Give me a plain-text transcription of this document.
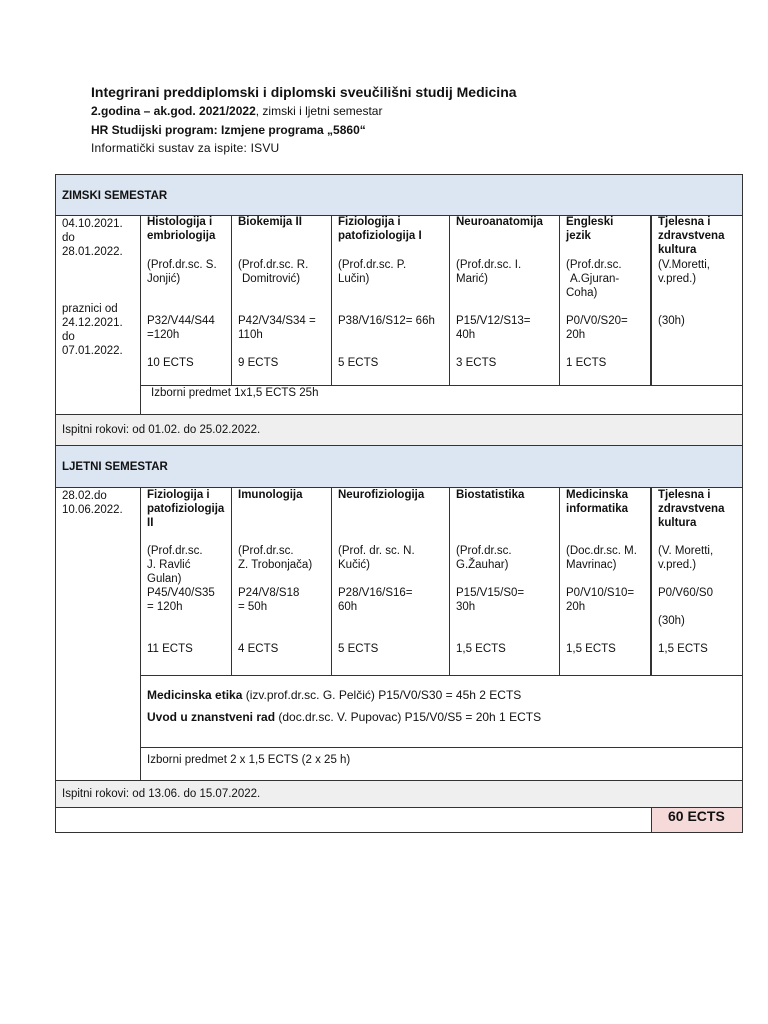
Integrirani preddiplomski i diplomski sveučilišni studij Medicina
2.godina – ak.god. 2021/2022, zimski i ljetni semestar
HR Studijski program: Izmjene programa „5860“
Informatički sustav za ispite: ISVU
ZIMSKI SEMESTAR
04.10.2021.
do
28.01.2022.
praznici od
24.12.2021.
do
07.01.2022.
Histologija i
embriologija
(Prof.dr.sc. S.
Jonjić)
P32/V44/S44
=120h
10 ECTS
Biokemija II
(Prof.dr.sc. R.
Domitrović)
P42/V34/S34 =
110h
9 ECTS
Fiziologija i
patofiziologija I
(Prof.dr.sc. P.
Lučin)
P38/V16/S12= 66h
5 ECTS
Neuroanatomija
(Prof.dr.sc. I.
Marić)
P15/V12/S13=
40h
3 ECTS
Engleski
jezik
(Prof.dr.sc.
A.Gjuran-
Coha)
P0/V0/S20=
20h
1 ECTS
Tjelesna i
zdravstvena
kultura
(V.Moretti,
v.pred.)
(30h)
Izborni predmet 1x1,5 ECTS 25h
Ispitni rokovi: od 01.02. do 25.02.2022.
LJETNI SEMESTAR
28.02.do
10.06.2022.
Fiziologija i
patofiziologija
II
(Prof.dr.sc.
J. Ravlić
Gulan)
P45/V40/S35
= 120h
11 ECTS
Imunologija
(Prof.dr.sc.
Z. Trobonjača)
P24/V8/S18
= 50h
4 ECTS
Neurofiziologija
(Prof. dr. sc. N.
Kučić)
P28/V16/S16=
60h
5 ECTS
Biostatistika
(Prof.dr.sc.
G.Žauhar)
P15/V15/S0=
30h
1,5 ECTS
Medicinska
informatika
(Doc.dr.sc. M.
Mavrinac)
P0/V10/S10=
20h
1,5 ECTS
Tjelesna i
zdravstvena
kultura
(V. Moretti,
v.pred.)
P0/V60/S0
(30h)
1,5 ECTS
Medicinska etika (izv.prof.dr.sc. G. Pelčić) P15/V0/S30 = 45h 2 ECTS
Uvod u znanstveni rad (doc.dr.sc. V. Pupovac) P15/V0/S5 = 20h 1 ECTS
Izborni predmet 2 x 1,5 ECTS (2 x 25 h)
Ispitni rokovi: od 13.06. do 15.07.2022.
60 ECTS
